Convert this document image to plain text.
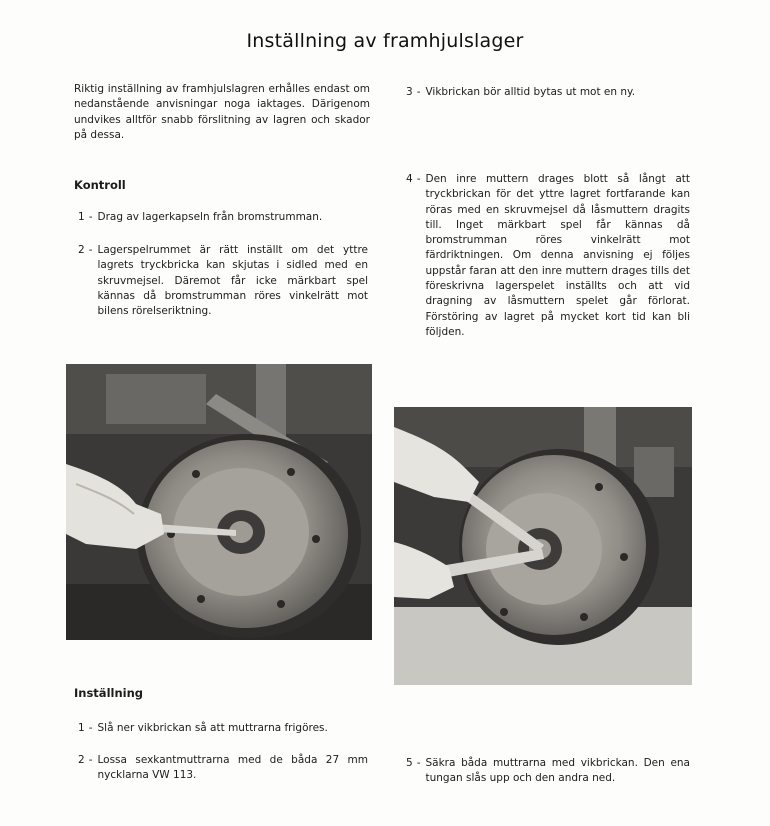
Inställning av framhjulslager
Riktig inställning av framhjulslagren erhålles endast om nedanstående anvisningar noga iaktages. Därigenom undvikes alltför snabb förslitning av lagren och skador på dessa.
Kontroll
1 - Drag av lagerkapseln från bromstrumman.
2 - Lagerspelrummet är rätt inställt om det yttre lagrets tryckbricka kan skjutas i sidled med en skruvmejsel. Däremot får icke märkbart spel kännas då bromstrumman röres vinkelrätt mot bilens rörelseriktning.
3 - Vikbrickan bör alltid bytas ut mot en ny.
4 - Den inre muttern drages blott så långt att tryckbrickan för det yttre lagret fortfarande kan röras med en skruvmejsel då låsmuttern dragits till. Inget märkbart spel får kännas då bromstrumman röres vinkelrätt mot färdriktningen. Om denna anvisning ej följes uppstår faran att den inre muttern drages tills det föreskrivna lagerspelet inställts och att vid dragning av låsmuttern spelet går förlorat. Förstöring av lagret på mycket kort tid kan bli följden.
Inställning
1 - Slå ner vikbrickan så att muttrarna frigöres.
2 - Lossa sexkantmuttrarna med de båda 27 mm nycklarna VW 113.
5 - Säkra båda muttrarna med vikbrickan. Den ena tungan slås upp och den andra ned.
